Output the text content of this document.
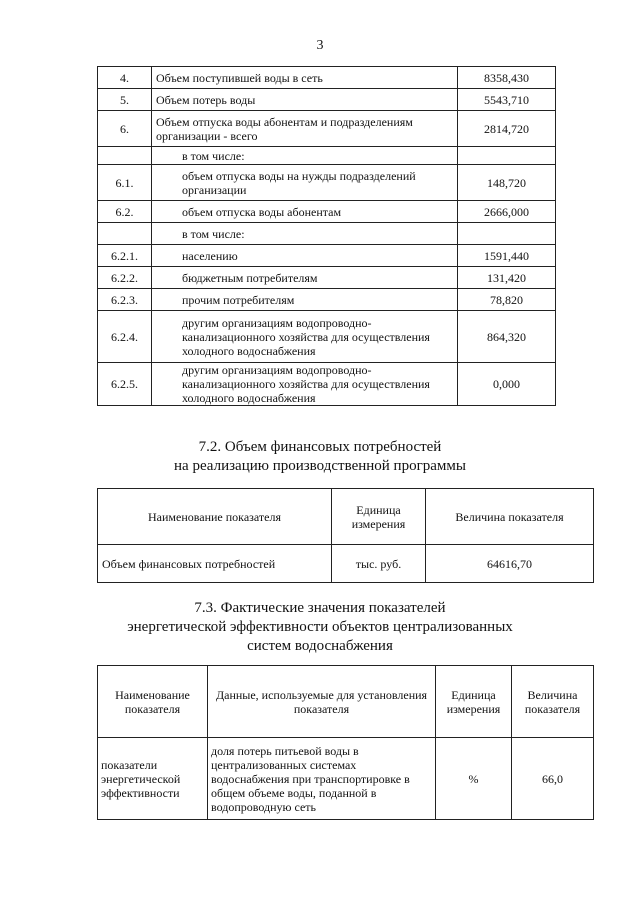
3
4.	Объем поступившей воды в сеть	8358,430
5.	Объем потерь воды	5543,710
6.	Объем отпуска воды абонентам и подразделениям организации - всего	2814,720
	в том числе:	
6.1.	объем отпуска воды на нужды подразделений организации	148,720
6.2.	объем отпуска воды абонентам	2666,000
	в том числе:	
6.2.1.	населению	1591,440
6.2.2.	бюджетным потребителям	131,420
6.2.3.	прочим потребителям	78,820
6.2.4.	другим организациям водопроводно-канализационного хозяйства для осуществления холодного водоснабжения	864,320
6.2.5.	другим организациям водопроводно-канализационного хозяйства для осуществления холодного водоснабжения	0,000
7.2. Объем финансовых потребностей
на реализацию производственной программы
Наименование показателя	Единица измерения	Величина показателя
Объем финансовых потребностей	тыс. руб.	64616,70
7.3. Фактические значения показателей
энергетической эффективности объектов централизованных
систем водоснабжения
Наименование показателя	Данные, используемые для установления показателя	Единица измерения	Величина показателя
показатели энергетической эффективности	доля потерь питьевой воды в централизованных системах водоснабжения при транспортировке в общем объеме воды, поданной в водопроводную сеть	%	66,0
